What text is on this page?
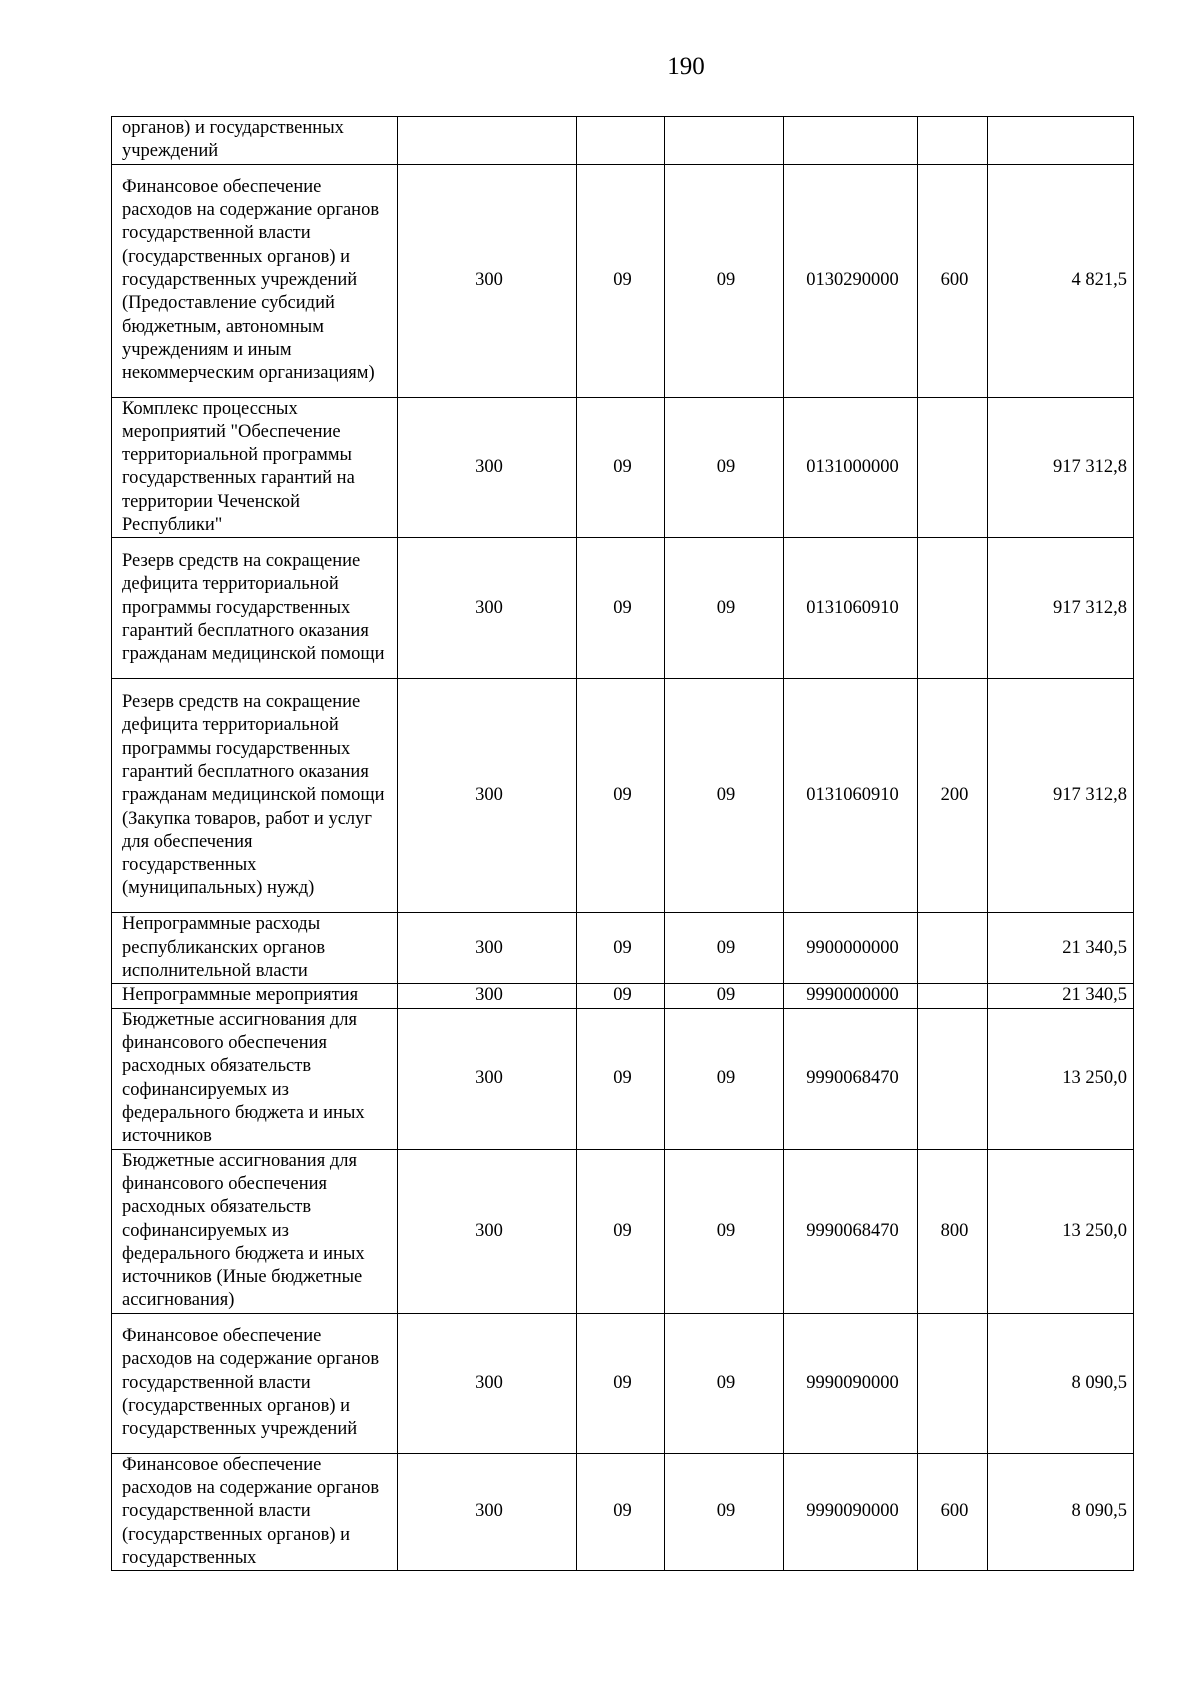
190
органов) и государственных учреждений						
Финансовое обеспечение расходов на содержание органов государственной власти (государственных органов) и государственных учреждений (Предоставление субсидий бюджетным, автономным учреждениям и иным некоммерческим организациям)	300	09	09	0130290000	600	4 821,5
Комплекс процессных мероприятий "Обеспечение территориальной программы государственных гарантий на территории Чеченской Республики"	300	09	09	0131000000		917 312,8
Резерв средств на сокращение дефицита территориальной программы государственных гарантий бесплатного оказания гражданам медицинской помощи	300	09	09	0131060910		917 312,8
Резерв средств на сокращение дефицита территориальной программы государственных гарантий бесплатного оказания гражданам медицинской помощи (Закупка товаров, работ и услуг для обеспечения государственных (муниципальных) нужд)	300	09	09	0131060910	200	917 312,8
Непрограммные расходы республиканских органов исполнительной власти	300	09	09	9900000000		21 340,5
Непрограммные мероприятия	300	09	09	9990000000		21 340,5
Бюджетные ассигнования для финансового обеспечения расходных обязательств софинансируемых из федерального бюджета и иных источников	300	09	09	9990068470		13 250,0
Бюджетные ассигнования для финансового обеспечения расходных обязательств софинансируемых из федерального бюджета и иных источников (Иные бюджетные ассигнования)	300	09	09	9990068470	800	13 250,0
Финансовое обеспечение расходов на содержание органов государственной власти (государственных органов) и государственных учреждений	300	09	09	9990090000		8 090,5
Финансовое обеспечение расходов на содержание органов государственной власти (государственных органов) и государственных	300	09	09	9990090000	600	8 090,5
